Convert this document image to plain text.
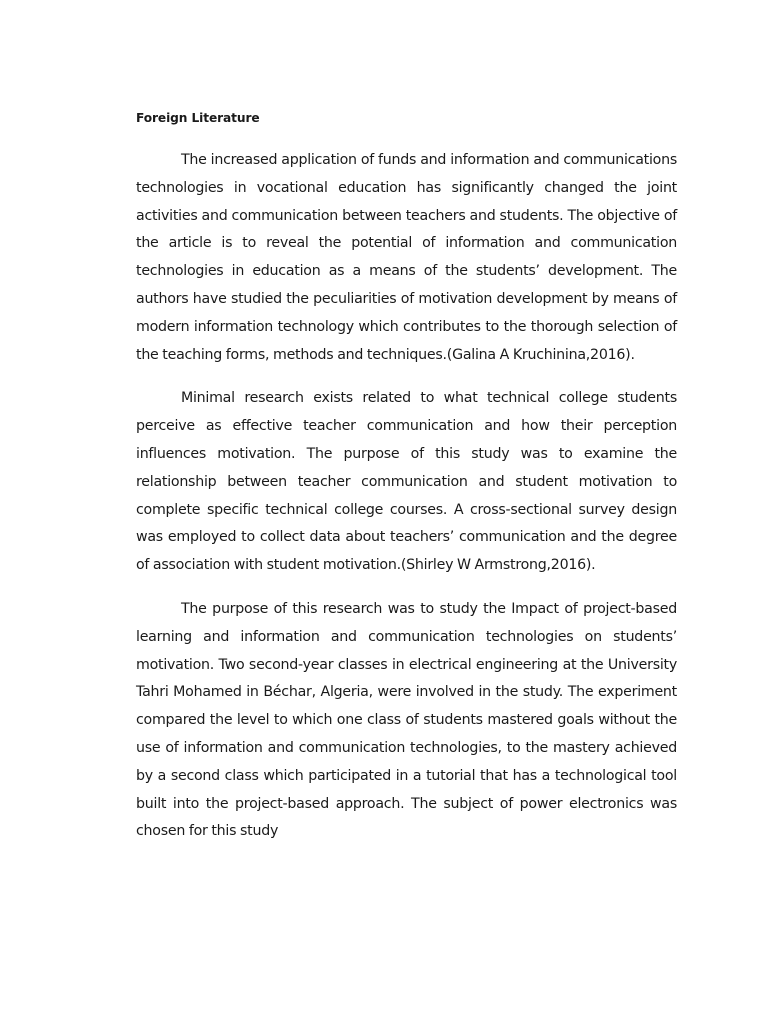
Foreign Literature

The increased application of funds and information and communications technologies in vocational education has significantly changed the joint activities and communication between teachers and students. The objective of the article is to reveal the potential of information and communication technologies in education as a means of the students’ development. The authors have studied the peculiarities of motivation development by means of modern information technology which contributes to the thorough selection of the teaching forms, methods and techniques.(Galina A Kruchinina,2016).

Minimal research exists related to what technical college students perceive as effective teacher communication and how their perception influences motivation. The purpose of this study was to examine the relationship between teacher communication and student motivation to complete specific technical college courses. A cross-sectional survey design was employed to collect data about teachers’ communication and the degree of association with student motivation.(Shirley W Armstrong,2016).

The purpose of this research was to study the Impact of project-based learning and information and communication technologies on students’ motivation. Two second-year classes in electrical engineering at the University Tahri Mohamed in Béchar, Algeria, were involved in the study. The experiment compared the level to which one class of students mastered goals without the use of information and communication technologies, to the mastery achieved by a second class which participated in a tutorial that has a technological tool built into the project-based approach. The subject of power electronics was chosen for this study
